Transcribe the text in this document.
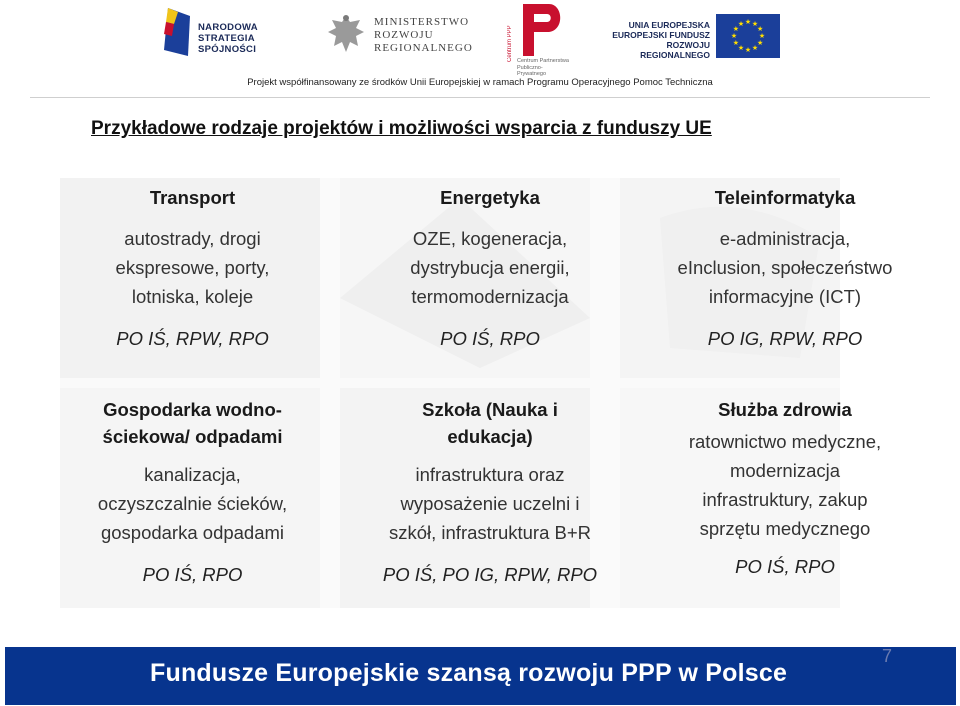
NARODOWA
STRATEGIA SPÓJNOŚCI
MINISTERSTWO
ROZWOJU
REGIONALNEGO	Centrum PPP Centrum Partnerstwa
Publiczno-Prywatnego
UNIA EUROPEJSKA
EUROPEJSKI FUNDUSZ
ROZWOJU REGIONALNEGO
★
★
★
★
★
★
★
★
★ ★ ★
★
Projekt współfinansowany ze środków Unii Europejskiej w ramach Programu Operacyjnego Pomoc Techniczna
Przykładowe rodzaje projektów i możliwości wsparcia z funduszy UE
Transport
autostrady, drogi
ekspresowe, porty,
lotniska, koleje
PO IŚ, RPW, RPO
Energetyka
OZE, kogeneracja,
dystrybucja energii,
termomodernizacja
PO IŚ, RPO
Teleinformatyka
e-administracja,
eInclusion, społeczeństwo
informacyjne (ICT)
PO IG, RPW, RPO
Gospodarka wodno-
ściekowa/ odpadami
kanalizacja,
oczyszczalnie ścieków,
gospodarka odpadami
PO IŚ, RPO
Szkoła (Nauka i
edukacja)
infrastruktura oraz
wyposażenie uczelni i
szkół, infrastruktura B+R
PO IŚ, PO IG, RPW, RPO
Służba zdrowia
ratownictwo medyczne,
modernizacja
infrastruktury, zakup
sprzętu medycznego
PO IŚ, RPO
Fundusze Europejskie szansą rozwoju PPP w Polsce
7
